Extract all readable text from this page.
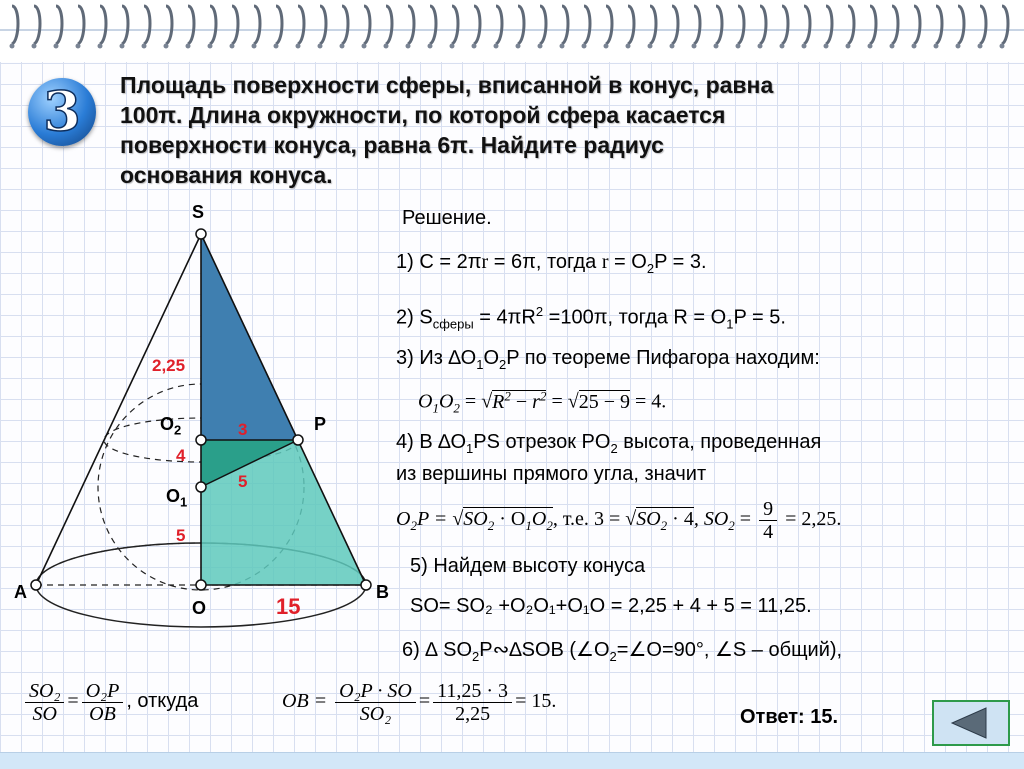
3	Площадь поверхности сферы, вписанной в конус, равна
100π. Длина окружности, по которой сфера касается
поверхности конуса, равна 6π. Найдите радиус
основания конуса.
S
P
$O_2$
$O_1$
O
A	B
2,25
3
4
5
5
15
Решение.
1) C = 2πr = 6π, тогда $r = O_2P = 3$.
2) $S_{сферы} = 4\pi R^2 =100\pi$, тогда $R = O_1P = 5$.
3) Из $\Delta O_1O_2P$ по теореме Пифагора находим:
$O_1O_2 = √R^2 - r^2 = √25 - 9 = 4$.
4) В $\Delta O_1PS$ отрезок $PO_2$ высота, проведенная
из вершины прямого угла, значит
$O_2P = √SO_2 \cdot O_1O_2$, т.е. $3 = √SO_2 \cdot 4$, $SO_2 = \frac{9}{4} = 2,25$.
5) Найдем высоту конуса
SO= SO₂ +O₂O₁+O₁O = 2,25 + 4 + 5 = 11,25.
6) ∆ $SO_2P∾\Delta SOB$ ($\angle O_2=\angle O=90^\circ$, ∠S – общий),
$\frac{\text{SO₂}}{SO} = \frac{\text{O₂P}}{OB}$ , откуда	OB = $\frac{\text{O₂P · SO}}{\text{SO₂}} = \frac{11,25 \cdot 3}{2,25} = 15$.
Ответ: 15.
